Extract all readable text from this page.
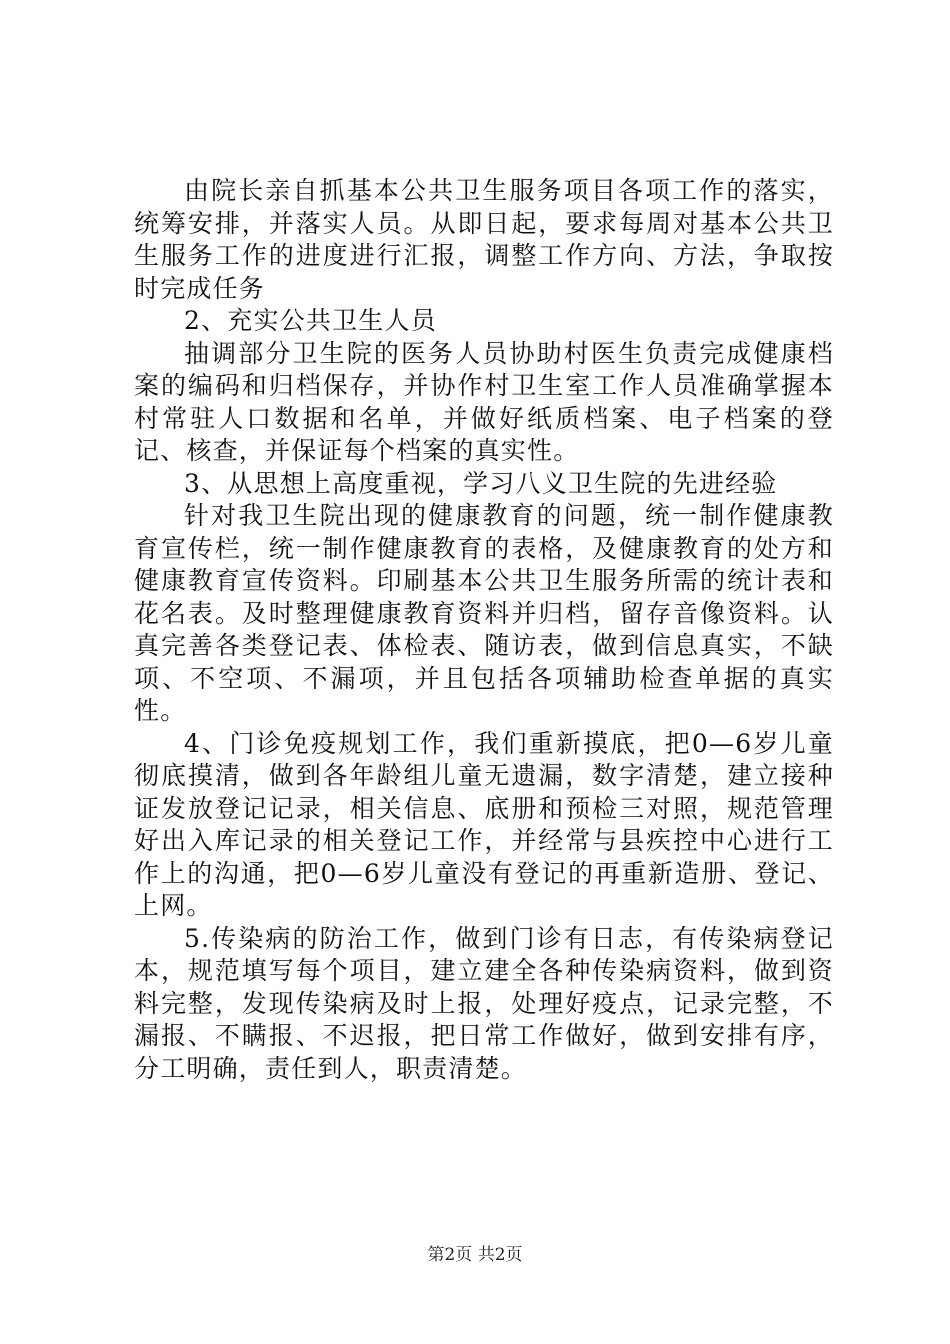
由院长亲自抓基本公共卫生服务项目各项工作的落实，统筹安排，并落实人员。从即日起，要求每周对基本公共卫生服务工作的进度进行汇报，调整工作方向、方法，争取按时完成任务

2、充实公共卫生人员

抽调部分卫生院的医务人员协助村医生负责完成健康档案的编码和归档保存，并协作村卫生室工作人员准确掌握本村常驻人口数据和名单，并做好纸质档案、电子档案的登记、核查，并保证每个档案的真实性。

3、从思想上高度重视，学习八义卫生院的先进经验

针对我卫生院出现的健康教育的问题，统一制作健康教育宣传栏，统一制作健康教育的表格，及健康教育的处方和健康教育宣传资料。印刷基本公共卫生服务所需的统计表和花名表。及时整理健康教育资料并归档，留存音像资料。认真完善各类登记表、体检表、随访表，做到信息真实，不缺项、不空项、不漏项，并且包括各项辅助检查单据的真实性。

4、门诊免疫规划工作，我们重新摸底，把0—6岁儿童彻底摸清，做到各年龄组儿童无遗漏，数字清楚，建立接种证发放登记记录，相关信息、底册和预检三对照，规范管理好出入库记录的相关登记工作，并经常与县疾控中心进行工作上的沟通，把0—6岁儿童没有登记的再重新造册、登记、上网。

5.传染病的防治工作，做到门诊有日志，有传染病登记本，规范填写每个项目，建立建全各种传染病资料，做到资料完整，发现传染病及时上报，处理好疫点，记录完整，不漏报、不瞒报、不迟报，把日常工作做好，做到安排有序，分工明确，责任到人，职责清楚。

第2页 共2页
